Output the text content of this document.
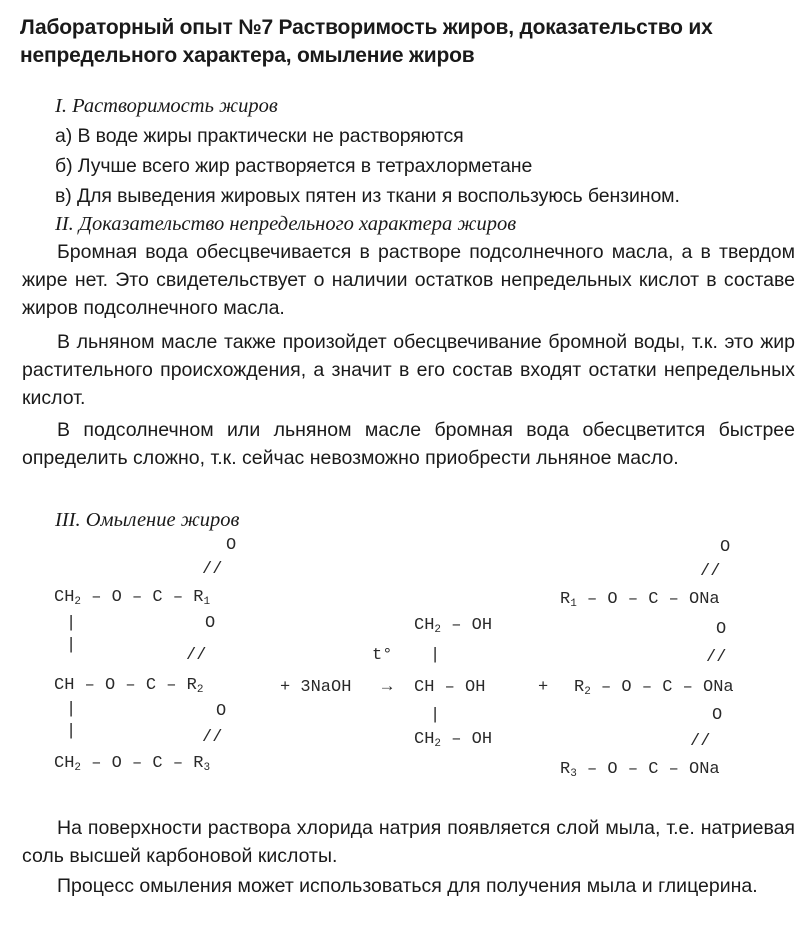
Лабораторный опыт №7 Растворимость жиров, доказательство их непредельного характера, омыление жиров
I. Растворимость жиров
а) В воде жиры практически не растворяются
б) Лучше всего жир растворяется в тетрахлорметане
в) Для выведения жировых пятен из ткани я воспользуюсь бензином.
II. Доказательство непредельного характера жиров
Бромная вода обесцвечивается в растворе подсолнечного масла, а в твердом жире нет. Это свидетельствует о наличии остатков непредельных кислот в составе жиров подсолнечного масла.
В льняном масле также произойдет обесцвечивание бромной воды, т.к. это жир растительного происхождения, а значит в его состав входят остатки непредельных кислот.
В подсолнечном или льняном масле бромная вода обесцветится быстрее определить сложно, т.к. сейчас невозможно приобрести льняное масло.
III. Омыление жиров
O
//
$CH_2$ – O – C – $R_1$
|
|
O
//
CH – O – C – $R_2$
|
|
O
//
$CH_2$ – O – C – $R_3$
+ 3NaOH
t°
→
$CH_2$ – OH
|
CH – OH
|
$CH_2$ – OH
+
O
//
$R_1$ – O – C – ONa
O
//
$R_2$ – O – C – ONa
O
//
$R_3$ – O – C – ONa
На поверхности раствора хлорида натрия появляется слой мыла, т.е. натриевая соль высшей карбоновой кислоты.
Процесс омыления может использоваться для получения мыла и глицерина.
